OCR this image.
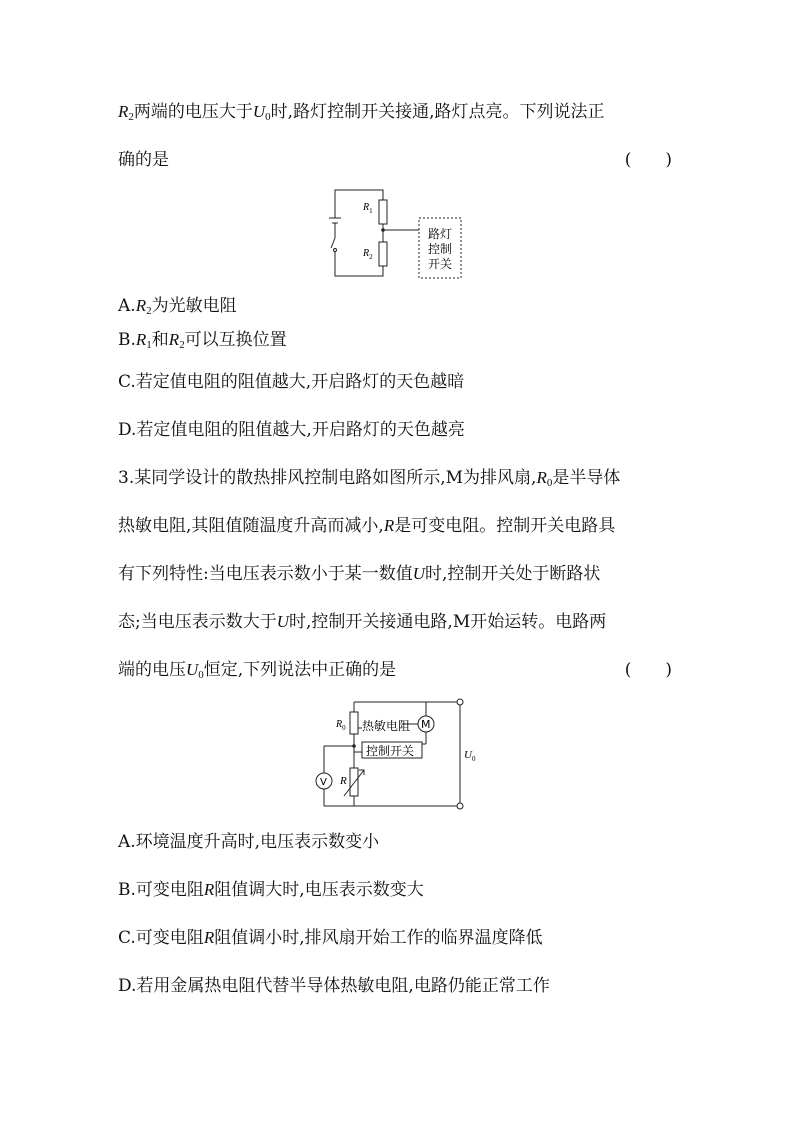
$R_2$两端的电压大于$U_0$时,路灯控制开关接通,路灯点亮。下列说法正
确的是	(　　)
$R_1$
$R_2$
路灯
控制
开关
$A.R_2$为光敏电阻
$B.R_1$和$R_2$可以互换位置
C.若定值电阻的阻值越大,开启路灯的天色越暗
D.若定值电阻的阻值越大,开启路灯的天色越亮
3.某同学设计的散热排风控制电路如图所示,M为排风扇$,R_0$是半导体
热敏电阻,其阻值随温度升高而减小,R是可变电阻。控制开关电路具
有下列特性:当电压表示数小于某一数值U时,控制开关处于断路状
态;当电压表示数大于U时,控制开关接通电路,M开始运转。电路两
端的电压$U_0$恒定,下列说法中正确的是	(　　)
$R_0$ 热敏电阻 M
控制开关
V R
$U_0$
A.环境温度升高时,电压表示数变小
B.可变电阻R阻值调大时,电压表示数变大
C.可变电阻R阻值调小时,排风扇开始工作的临界温度降低
D.若用金属热电阻代替半导体热敏电阻,电路仍能正常工作
